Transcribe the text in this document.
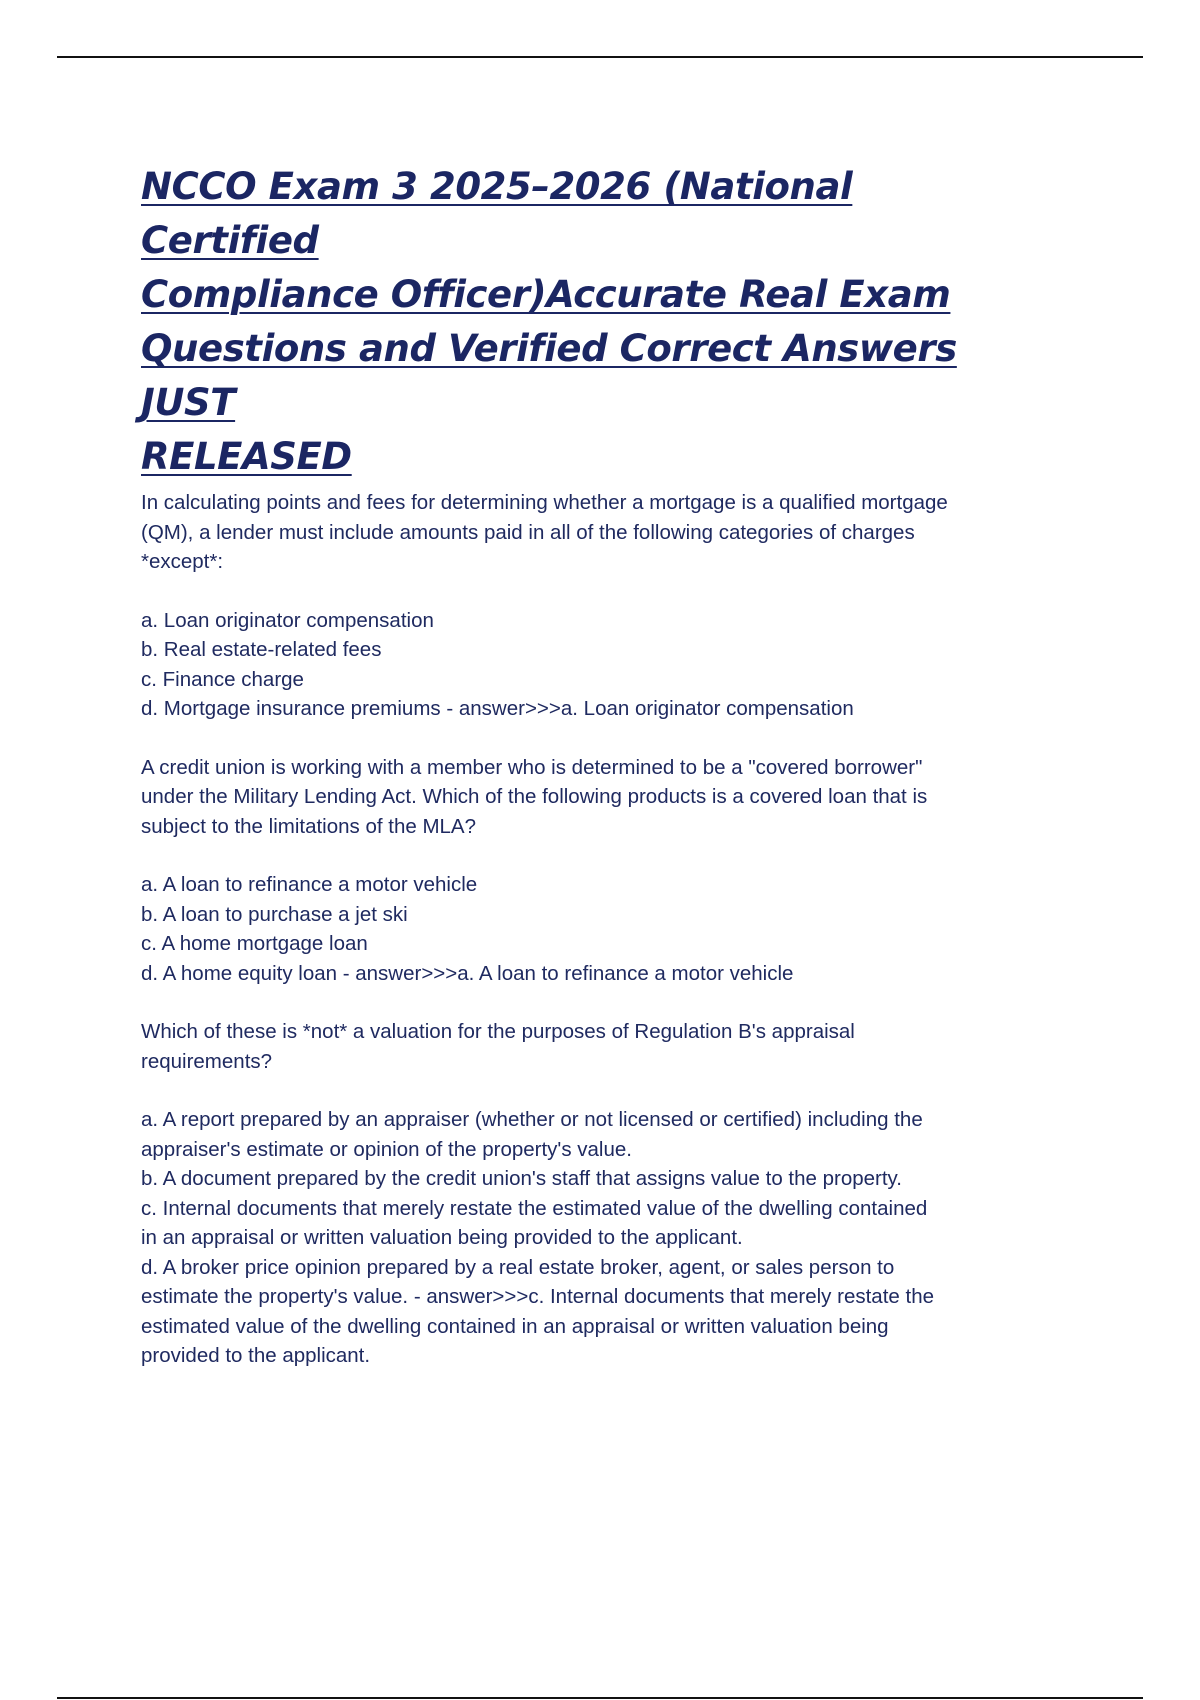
NCCO Exam 3 2025–2026 (National Certified
Compliance Officer)Accurate Real Exam
Questions and Verified Correct Answers JUST
RELEASED

In calculating points and fees for determining whether a mortgage is a qualified mortgage

(QM), a lender must include amounts paid in all of the following categories of charges

*except*:

a. Loan originator compensation

b. Real estate-related fees

c. Finance charge

d. Mortgage insurance premiums - answer>>>a. Loan originator compensation

A credit union is working with a member who is determined to be a "covered borrower"

under the Military Lending Act. Which of the following products is a covered loan that is

subject to the limitations of the MLA?

a. A loan to refinance a motor vehicle

b. A loan to purchase a jet ski

c. A home mortgage loan

d. A home equity loan - answer>>>a. A loan to refinance a motor vehicle

Which of these is *not* a valuation for the purposes of Regulation B's appraisal

requirements?

a. A report prepared by an appraiser (whether or not licensed or certified) including the

appraiser's estimate or opinion of the property's value.

b. A document prepared by the credit union's staff that assigns value to the property.

c. Internal documents that merely restate the estimated value of the dwelling contained

in an appraisal or written valuation being provided to the applicant.

d. A broker price opinion prepared by a real estate broker, agent, or sales person to

estimate the property's value. - answer>>>c. Internal documents that merely restate the

estimated value of the dwelling contained in an appraisal or written valuation being

provided to the applicant.
